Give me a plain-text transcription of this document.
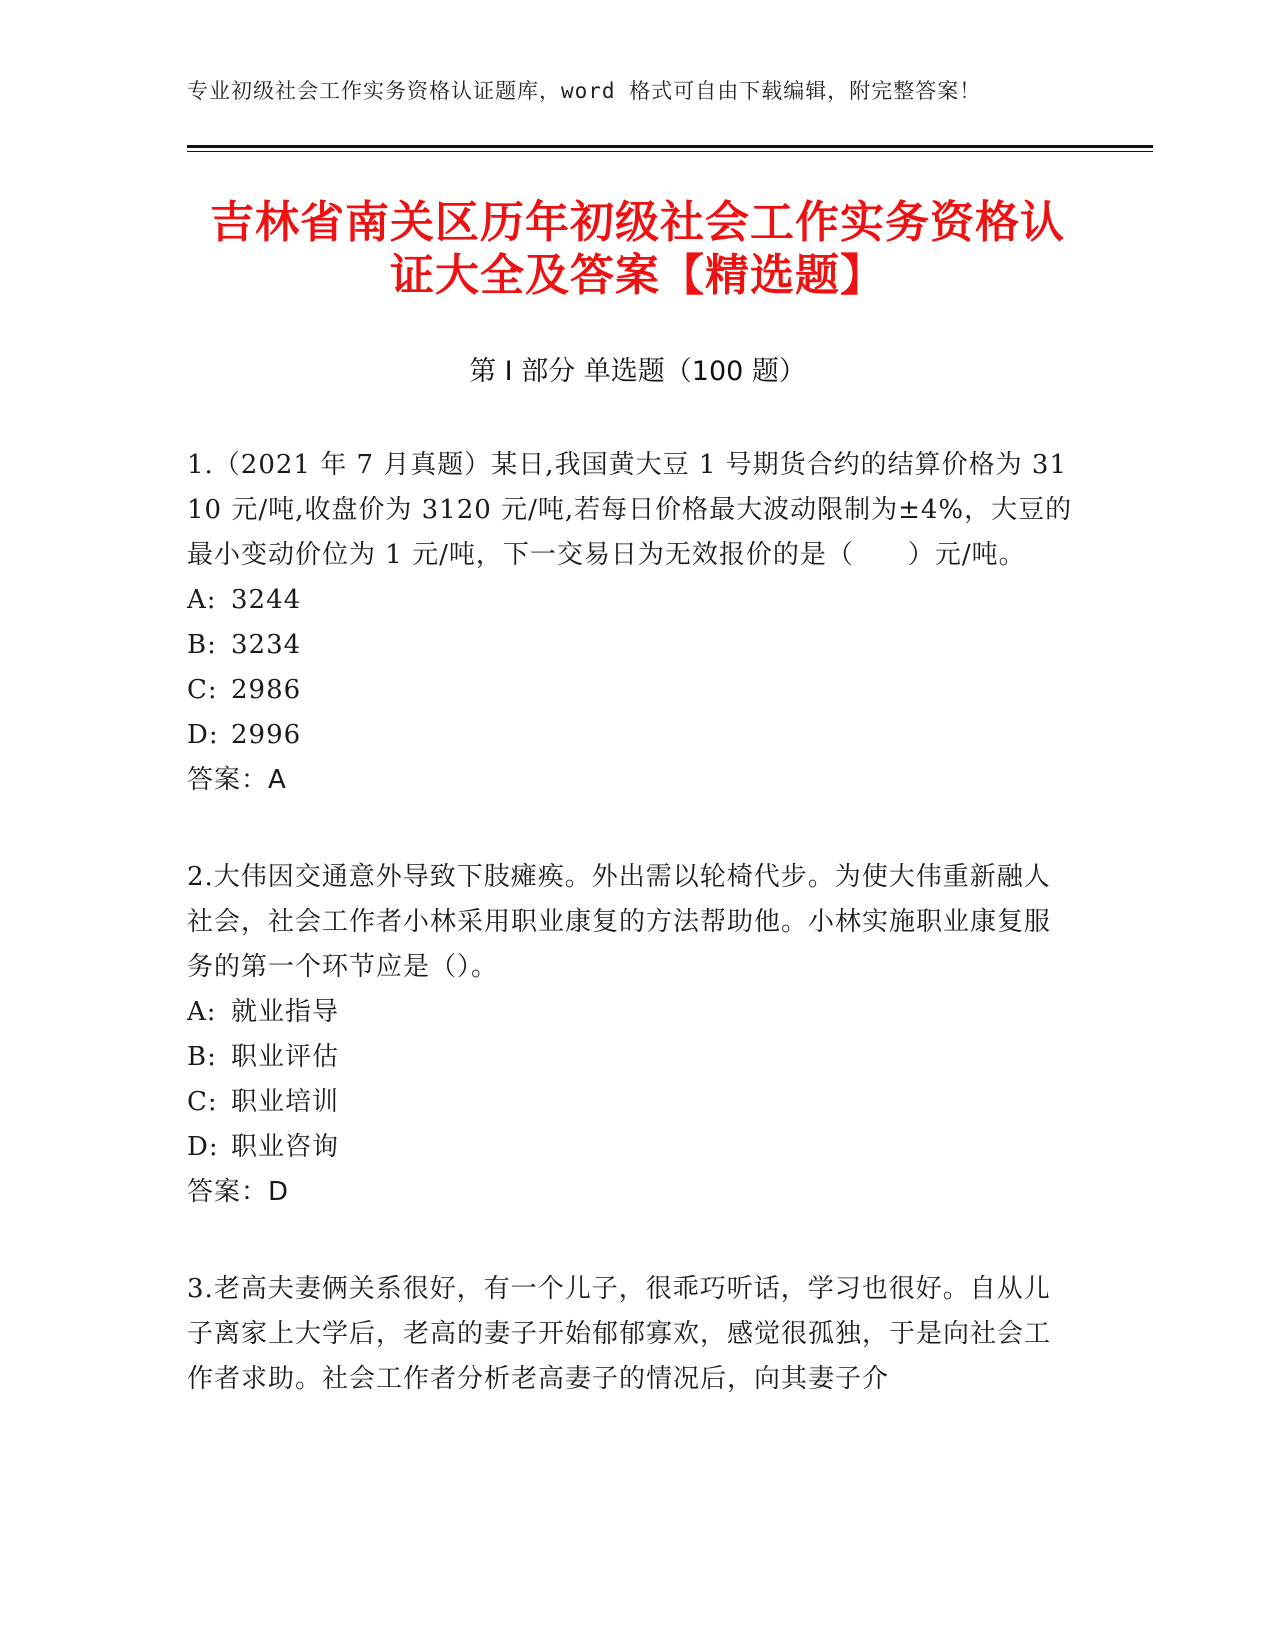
专业初级社会工作实务资格认证题库，word 格式可自由下载编辑，附完整答案！
吉林省南关区历年初级社会工作实务资格认
证大全及答案【精选题】
第 I 部分 单选题（100 题）

1.（2021 年 7 月真题）某日,我国黄大豆 1 号期货合约的结算价格为 3110 元/吨,收盘价为 3120 元/吨,若每日价格最大波动限制为±4%，大豆的最小变动价位为 1 元/吨，下一交易日为无效报价的是（　　）元/吨。

A: 3244

B: 3234

C: 2986

D: 2996

答案：A

2.大伟因交通意外导致下肢瘫痪。外出需以轮椅代步。为使大伟重新融人社会，社会工作者小林采用职业康复的方法帮助他。小林实施职业康复服务的第一个环节应是（）。

A: 就业指导

B: 职业评估

C: 职业培训

D: 职业咨询

答案：D

3.老高夫妻俩关系很好，有一个儿子，很乖巧听话，学习也很好。自从儿子离家上大学后，老高的妻子开始郁郁寡欢，感觉很孤独，于是向社会工作者求助。社会工作者分析老高妻子的情况后，向其妻子介
